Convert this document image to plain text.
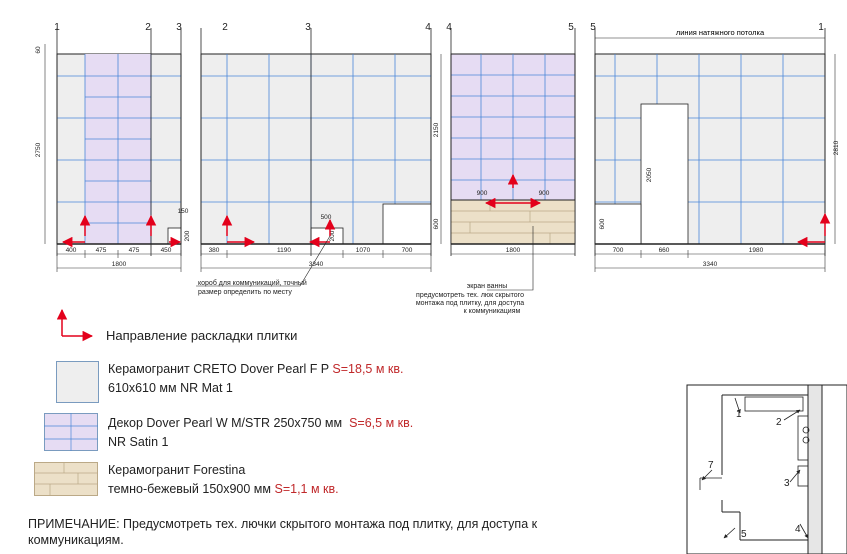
1	2	3	2	3	4 4	5 5	1
линия натяжного потолка
400	475	475	450
1800
380	1190	1070	700
3340
1800	700	660	1980
3340
60
2750
2150
600
2810
600
2050
150
200
500
200
900	900
короб для коммуникаций, точный
размер определить по месту
экран ванны
предусмотреть тех. люк скрытого
монтажа под плитку, для доступа
к коммуникациям
1
2
3
4
5
7
Направление раскладки плитки
Керамогранит CRETO Dover Pearl F P S=18,5 м кв.
610х610 мм NR Mat 1
Декор Dover Pearl W M/STR 250х750 мм S=6,5 м кв.
NR Satin 1
Керамогранит Forestina
темно-бежевый 150х900 мм S=1,1 м кв.
ПРИМЕЧАНИЕ: Предусмотреть тех. лючки скрытого монтажа под плитку, для доступа к коммуникациям.
